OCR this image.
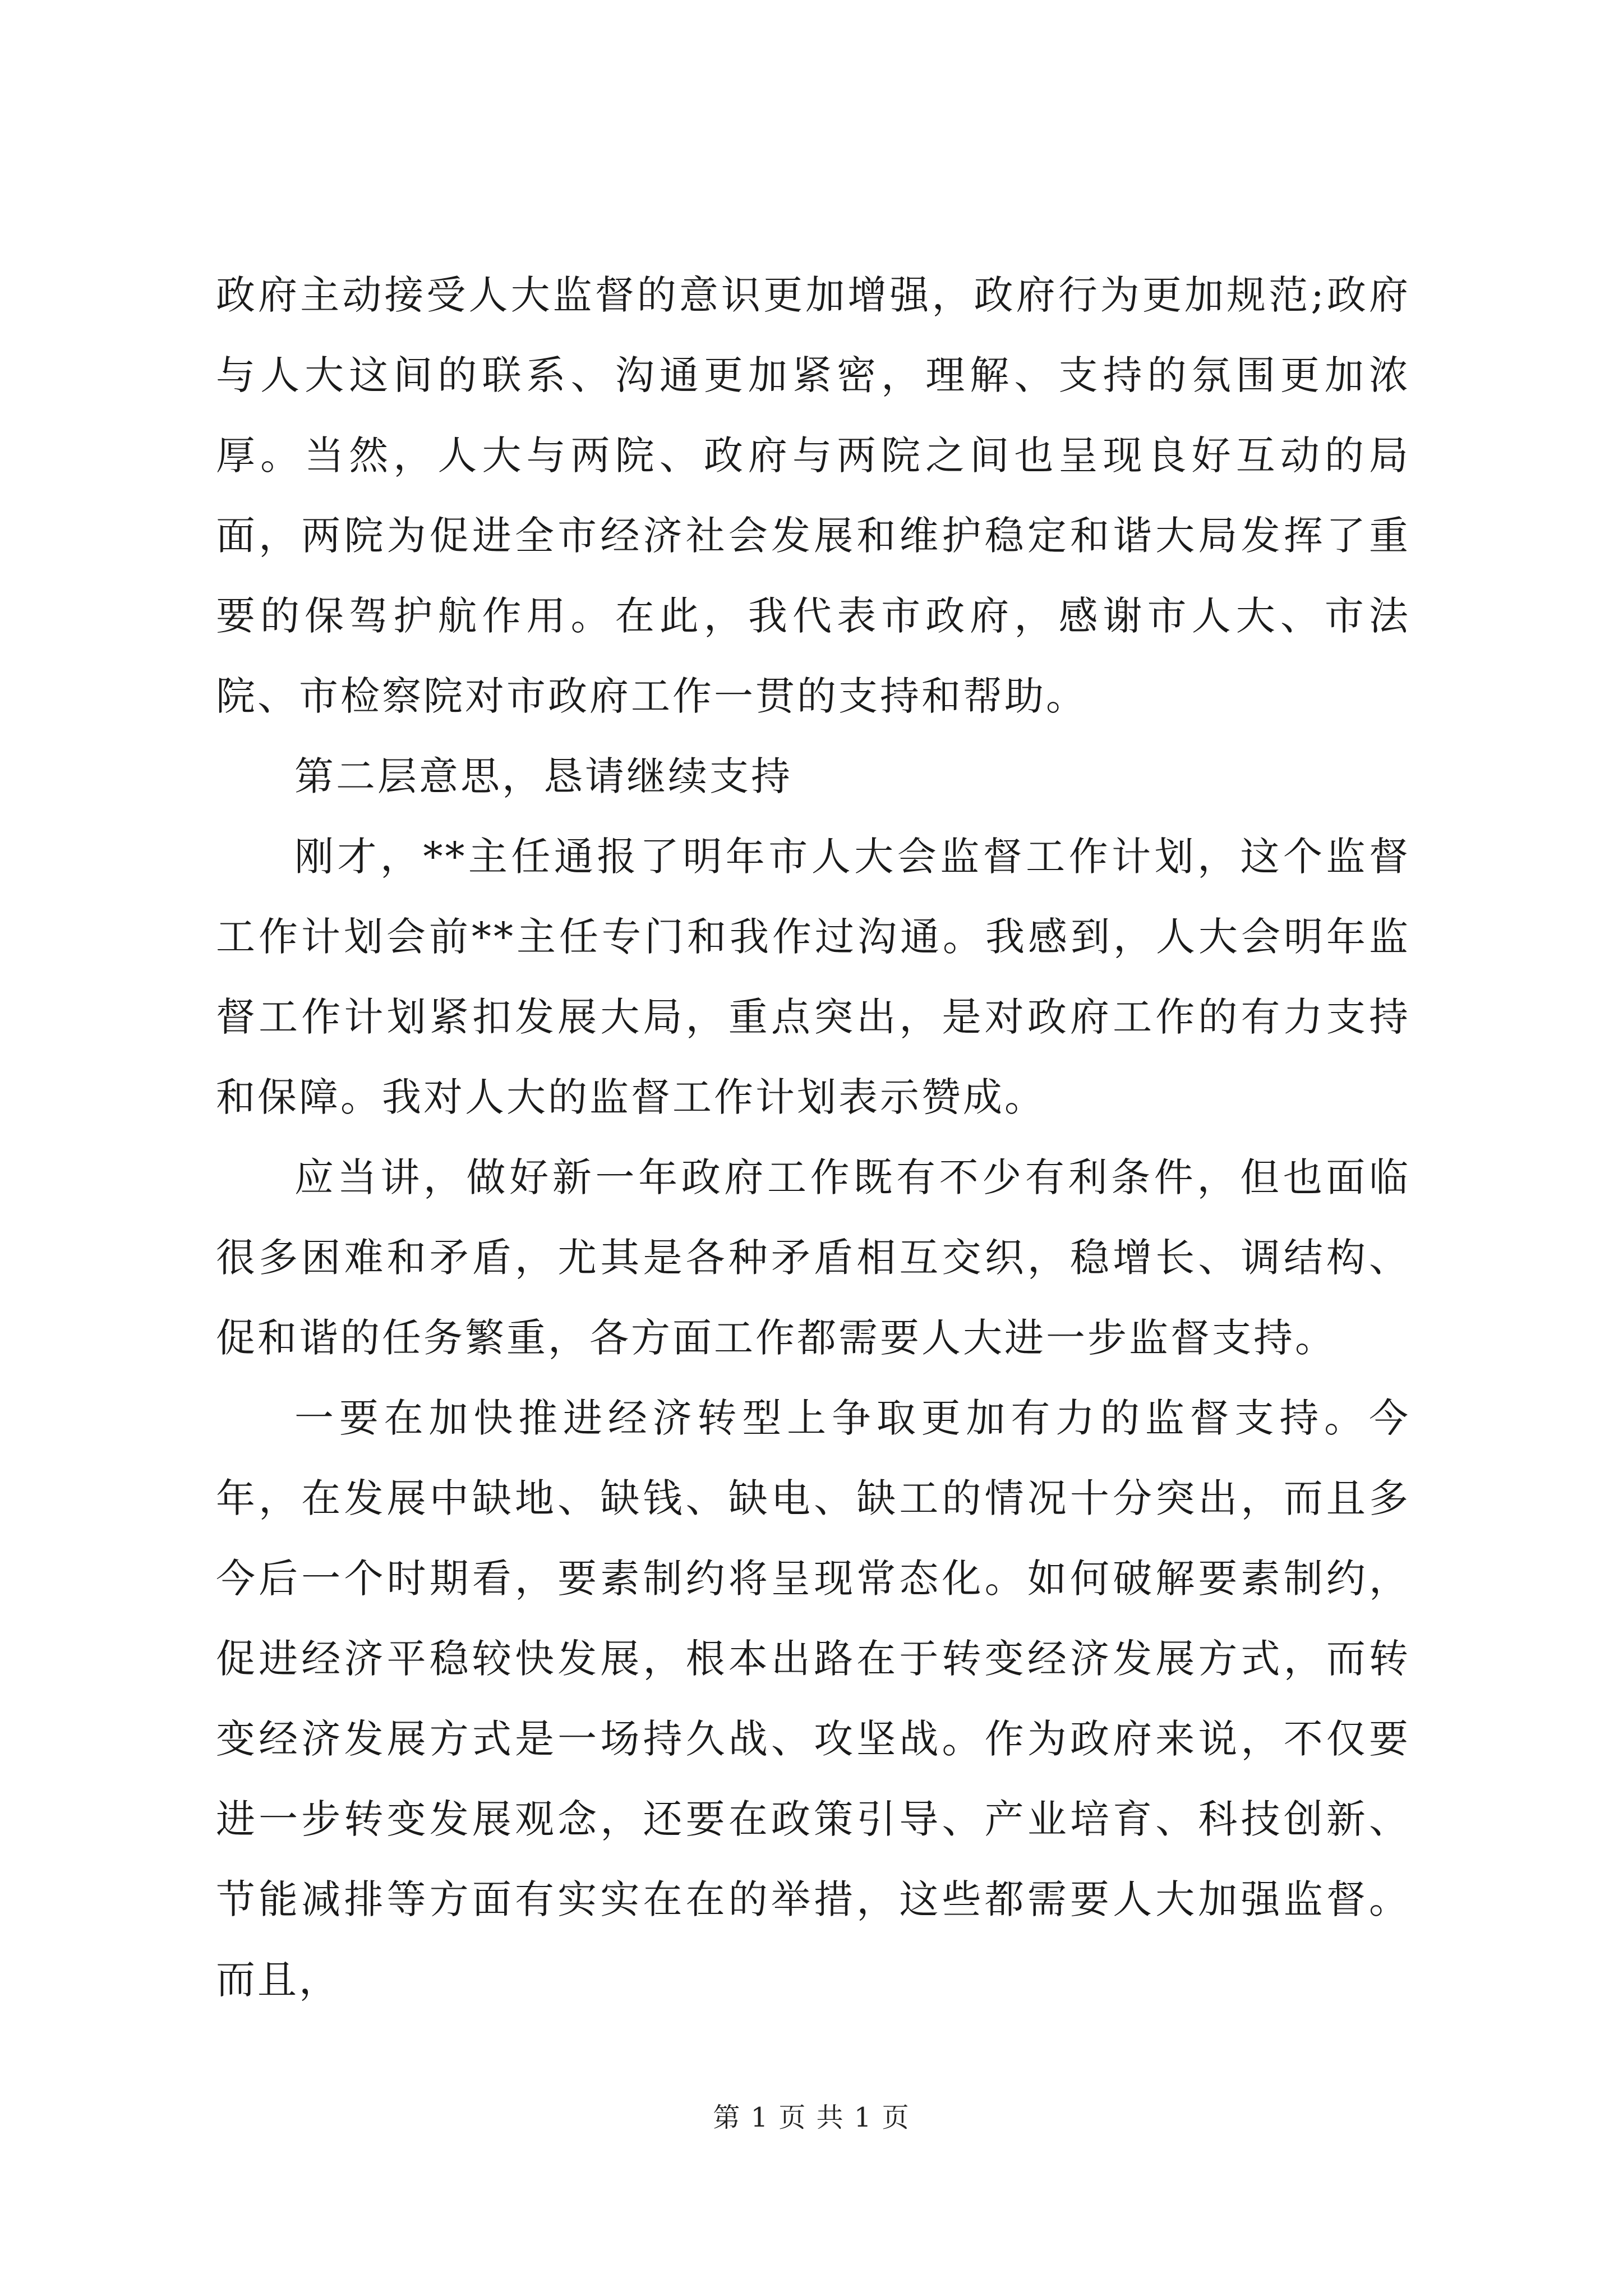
政府主动接受人大监督的意识更加增强，政府行为更加规范;政府与人大这间的联系、沟通更加紧密，理解、支持的氛围更加浓厚。当然，人大与两院、政府与两院之间也呈现良好互动的局面，两院为促进全市经济社会发展和维护稳定和谐大局发挥了重要的保驾护航作用。在此，我代表市政府，感谢市人大、市法院、市检察院对市政府工作一贯的支持和帮助。

第二层意思，恳请继续支持

刚才，**主任通报了明年市人大会监督工作计划，这个监督工作计划会前**主任专门和我作过沟通。我感到，人大会明年监督工作计划紧扣发展大局，重点突出，是对政府工作的有力支持和保障。我对人大的监督工作计划表示赞成。

应当讲，做好新一年政府工作既有不少有利条件，但也面临很多困难和矛盾，尤其是各种矛盾相互交织，稳增长、调结构、促和谐的任务繁重，各方面工作都需要人大进一步监督支持。

一要在加快推进经济转型上争取更加有力的监督支持。今年，在发展中缺地、缺钱、缺电、缺工的情况十分突出，而且多今后一个时期看，要素制约将呈现常态化。如何破解要素制约，促进经济平稳较快发展，根本出路在于转变经济发展方式，而转变经济发展方式是一场持久战、攻坚战。作为政府来说，不仅要进一步转变发展观念，还要在政策引导、产业培育、科技创新、节能减排等方面有实实在在的举措，这些都需要人大加强监督。而且，

第 1 页 共 1 页
